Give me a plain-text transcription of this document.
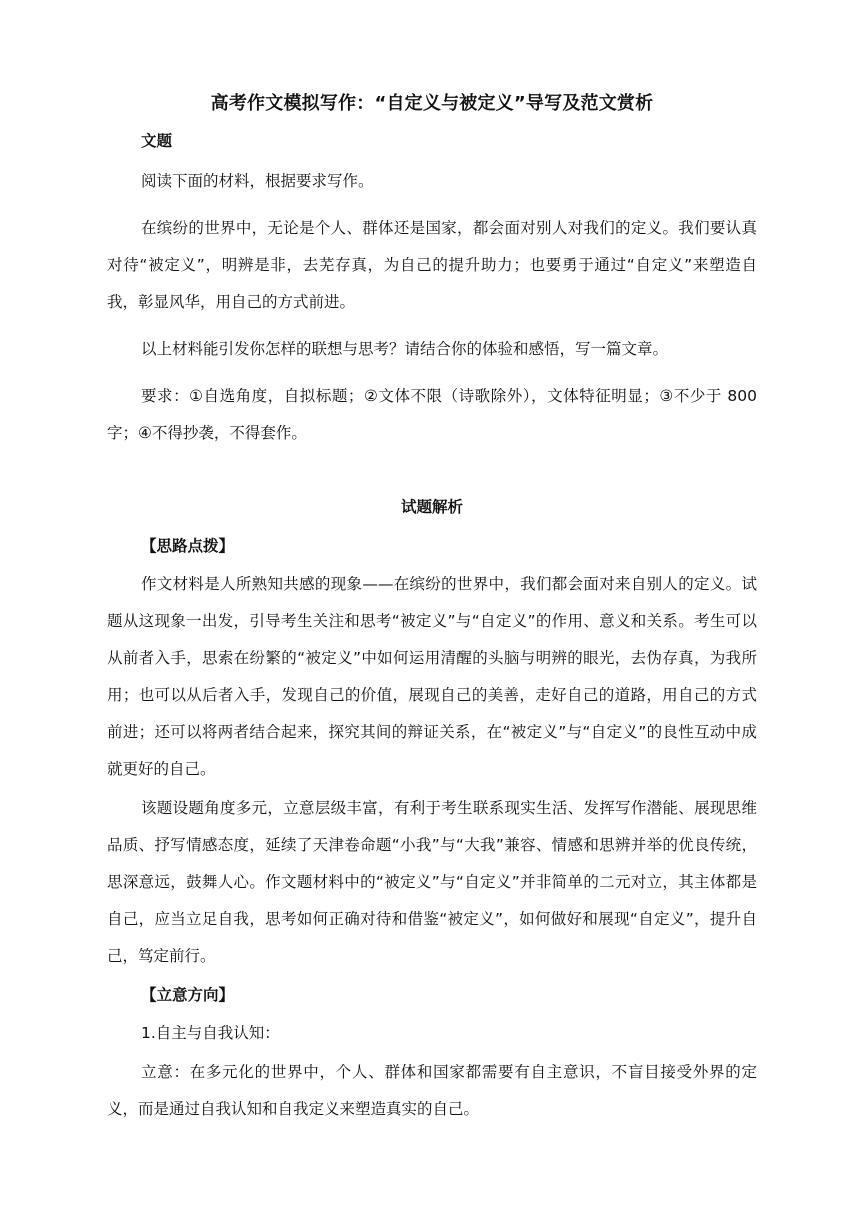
高考作文模拟写作：“自定义与被定义”导写及范文赏析
文题

阅读下面的材料，根据要求写作。

在缤纷的世界中，无论是个人、群体还是国家，都会面对别人对我们的定义。我们要认真对待“被定义”，明辨是非，去芜存真，为自己的提升助力；也要勇于通过“自定义”来塑造自我，彰显风华，用自己的方式前进。

以上材料能引发你怎样的联想与思考？请结合你的体验和感悟，写一篇文章。

要求：①自选角度，自拟标题；②文体不限（诗歌除外），文体特征明显；③不少于 800 字；④不得抄袭，不得套作。

试题解析
【思路点拨】

作文材料是人所熟知共感的现象——在缤纷的世界中，我们都会面对来自别人的定义。试题从这现象一出发，引导考生关注和思考“被定义”与“自定义”的作用、意义和关系。考生可以从前者入手，思索在纷繁的“被定义”中如何运用清醒的头脑与明辨的眼光，去伪存真，为我所用；也可以从后者入手，发现自己的价值，展现自己的美善，走好自己的道路，用自己的方式前进；还可以将两者结合起来，探究其间的辩证关系，在“被定义”与“自定义”的良性互动中成就更好的自己。

该题设题角度多元，立意层级丰富，有利于考生联系现实生活、发挥写作潜能、展现思维品质、抒写情感态度，延续了天津卷命题“小我”与“大我”兼容、情感和思辨并举的优良传统，思深意远，鼓舞人心。作文题材料中的“被定义”与“自定义”并非简单的二元对立，其主体都是自己，应当立足自我，思考如何正确对待和借鉴“被定义”，如何做好和展现“自定义”，提升自己，笃定前行。

【立意方向】

1.自主与自我认知：

立意：在多元化的世界中，个人、群体和国家都需要有自主意识，不盲目接受外界的定义，而是通过自我认知和自我定义来塑造真实的自己。
